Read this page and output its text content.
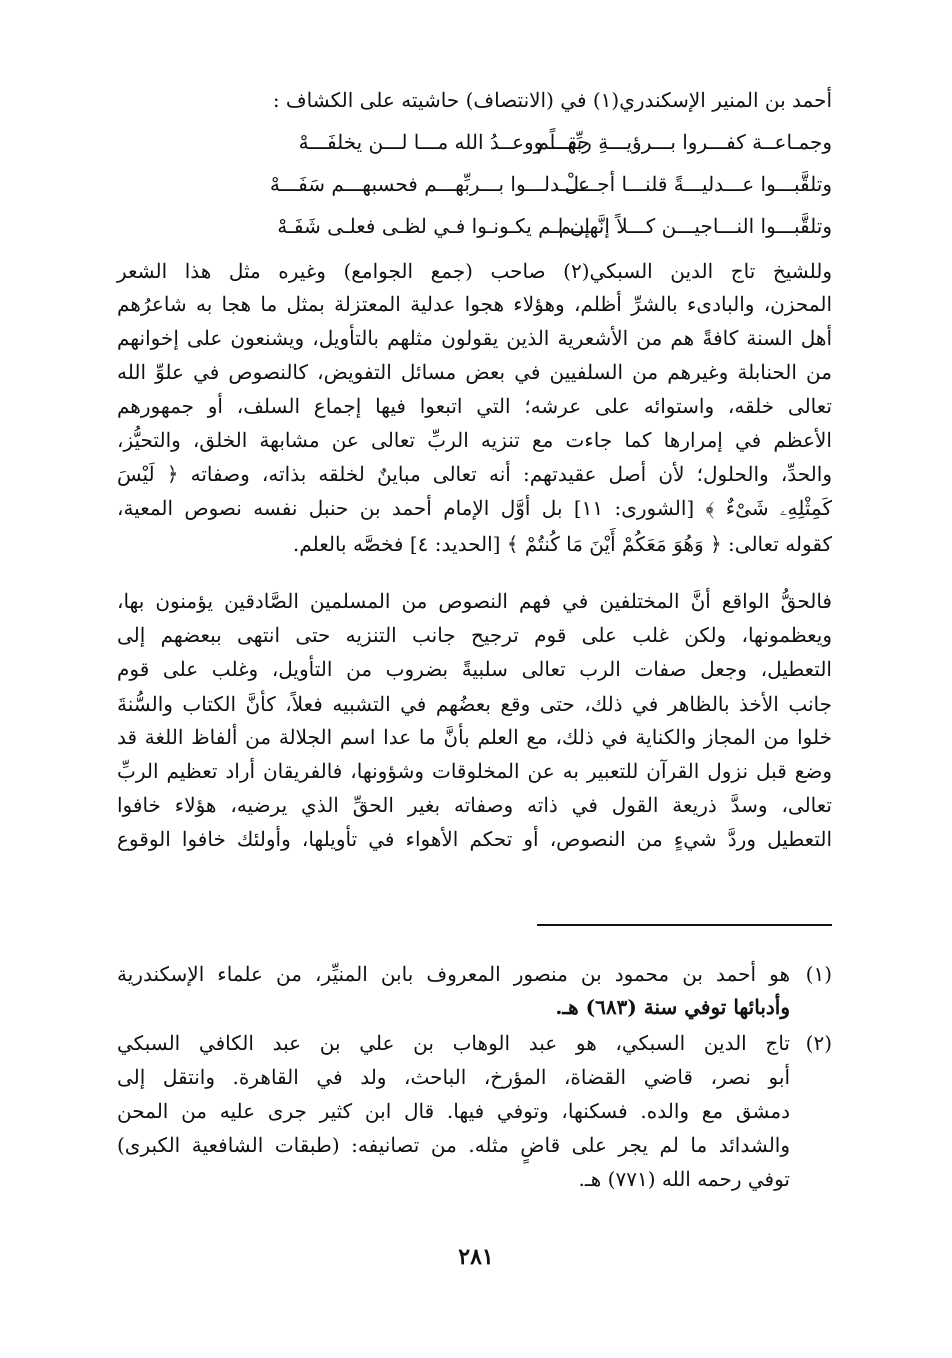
أحمد بن المنير الإسكندري(١) في (الانتصاف) حاشيته على الكشاف :
وجمـاعــة كفـــروا بـــرؤيـــةِ ربِّهـــم
حقــاً ووعــدُ الله مـــا لـــن يخلفَـــهْ
وتلقَّبـــوا عـــدليـــةً قلنـــا أجـــلْ
عـــدلـــوا بـــربِّهـــم فحسبهـــم سَفَـــهْ
وتلقَّبـــوا النـــاجيـــن كـــلاً إنَّهـــم
إن لـم يكـونـوا فـي لظـى فعلـى شَفَـهْ
وللشيخ تاج الدين السبكي(٢) صاحب (جمع الجوامع) وغيره مثل هذا الشعر
المحزن، والبادىء بالشرِّ أظلم، وهؤلاء هجوا عدلية المعتزلة بمثل ما هجا به شاعرُهم
أهل السنة كافةً هم من الأشعرية الذين يقولون مثلهم بالتأويل، ويشنعون على إخوانهم
من الحنابلة وغيرهم من السلفيين في بعض مسائل التفويض، كالنصوص في علوِّ الله
تعالى خلقه، واستوائه على عرشه؛ التي اتبعوا فيها إجماع السلف، أو جمهورهم
الأعظم في إمرارها كما جاءت مع تنزيه الربِّ تعالى عن مشابهة الخلق، والتحيُّز،
والحدِّ، والحلول؛ لأن أصل عقيدتهم: أنه تعالى مباينٌ لخلقه بذاته، وصفاته ﴿ لَيْسَ
كَمِثْلِهِۦ شَىْءٌ ﴾ [الشورى: ١١] بل أوَّل الإمام أحمد بن حنبل نفسه نصوص المعية،
كقوله تعالى: ﴿ وَهُوَ مَعَكُمْ أَيْنَ مَا كُنتُمْ ﴾ [الحديد: ٤] فخصَّه بالعلم.
فالحقُّ الواقع أنَّ المختلفين في فهم النصوص من المسلمين الصَّادقين يؤمنون بها،
ويعظمونها، ولكن غلب على قوم ترجيح جانب التنزيه حتى انتهى ببعضهم إلى
التعطيل، وجعل صفات الرب تعالى سلبيةً بضروب من التأويل، وغلب على قوم
جانب الأخذ بالظاهر في ذلك، حتى وقع بعضُهم في التشبيه فعلاً، كأنَّ الكتاب والسُّنةَ
خلوا من المجاز والكناية في ذلك، مع العلم بأنَّ ما عدا اسم الجلالة من ألفاظ اللغة قد
وضع قبل نزول القرآن للتعبير به عن المخلوقات وشؤونها، فالفريقان أراد تعظيم الربِّ
تعالى، وسدَّ ذريعة القول في ذاته وصفاته بغير الحقِّ الذي يرضيه، هؤلاء خافوا
التعطيل وردَّ شيءٍ من النصوص، أو تحكم الأهواء في تأويلها، وأولئك خافوا الوقوع
(١)
هو أحمد بن محمود بن منصور المعروف بابن المنيِّر، من علماء الإسكندرية
وأدبائها توفي سنة (٦٨٣) هـ.
(٢)
تاج الدين السبكي، هو عبد الوهاب بن علي بن عبد الكافي السبكي
أبو نصر، قاضي القضاة، المؤرخ، الباحث، ولد في القاهرة. وانتقل إلى
دمشق مع والده. فسكنها، وتوفي فيها. قال ابن كثير جرى عليه من المحن
والشدائد ما لم يجر على قاضٍ مثله. من تصانيفه: (طبقات الشافعية الكبرى)
توفي رحمه الله (٧٧١) هـ.
٢٨١
